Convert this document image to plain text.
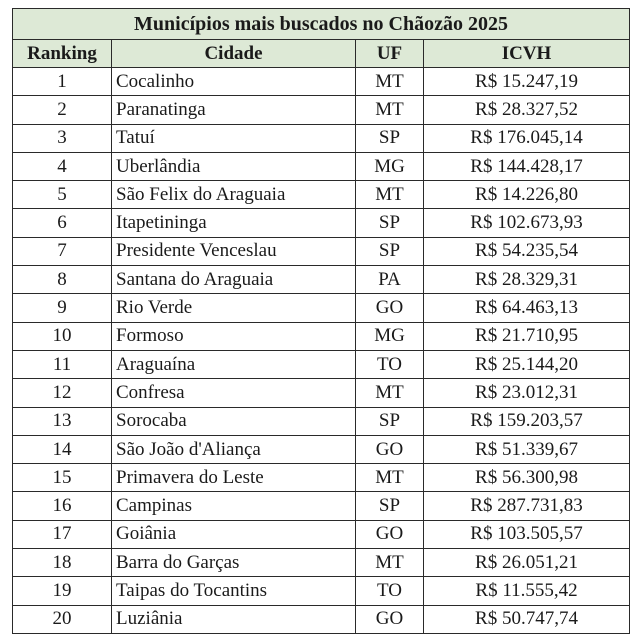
Municípios mais buscados no Chãozão 2025			
Ranking	Cidade	UF	ICVH
1	Cocalinho	MT	R$ 15.247,19
2	Paranatinga	MT	R$ 28.327,52
3	Tatuí	SP	R$ 176.045,14
4	Uberlândia	MG	R$ 144.428,17
5	São Felix do Araguaia	MT	R$ 14.226,80
6	Itapetininga	SP	R$ 102.673,93
7	Presidente Venceslau	SP	R$ 54.235,54
8	Santana do Araguaia	PA	R$ 28.329,31
9	Rio Verde	GO	R$ 64.463,13
10	Formoso	MG	R$ 21.710,95
11	Araguaína	TO	R$ 25.144,20
12	Confresa	MT	R$ 23.012,31
13	Sorocaba	SP	R$ 159.203,57
14	São João d'Aliança	GO	R$ 51.339,67
15	Primavera do Leste	MT	R$ 56.300,98
16	Campinas	SP	R$ 287.731,83
17	Goiânia	GO	R$ 103.505,57
18	Barra do Garças	MT	R$ 26.051,21
19	Taipas do Tocantins	TO	R$ 11.555,42
20	Luziânia	GO	R$ 50.747,74
